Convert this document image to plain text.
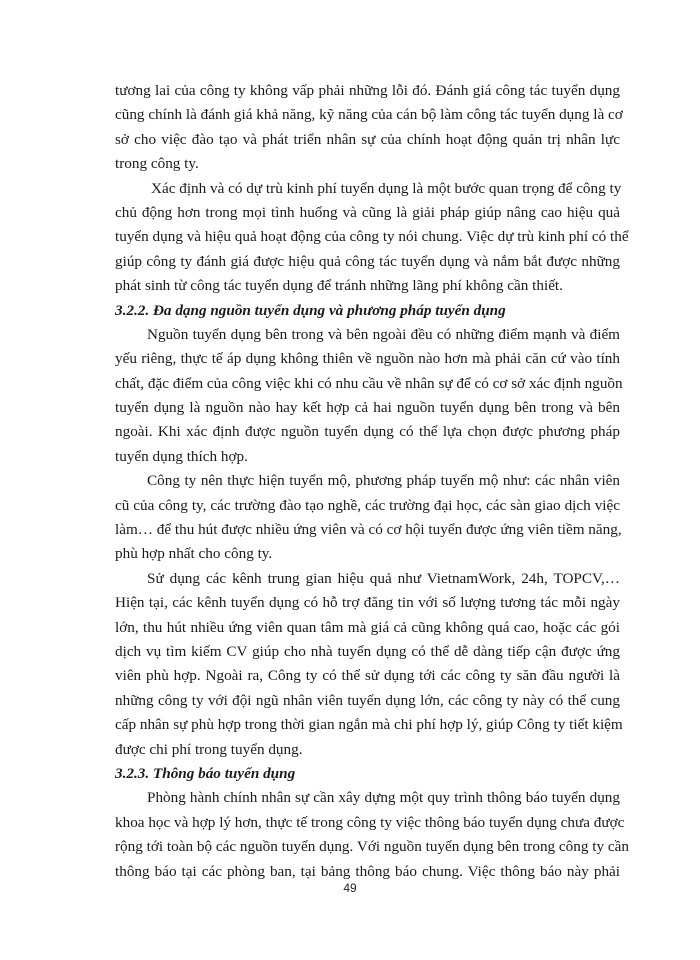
tương lai của công ty không vấp phải những lỗi đó. Đánh giá công tác tuyển dụng
cũng chính là đánh giá khả năng, kỹ năng của cán bộ làm công tác tuyển dụng là cơ
sở cho việc đào tạo và phát triển nhân sự của chính hoạt động quản trị nhân lực
trong công ty.
Xác định và có dự trù kinh phí tuyển dụng là một bước quan trọng để công ty
chủ động hơn trong mọi tình huống và cũng là giải pháp giúp nâng cao hiệu quả
tuyển dụng và hiệu quả hoạt động của công ty nói chung. Việc dự trù kinh phí có thể
giúp công ty đánh giá được hiệu quả công tác tuyển dụng và nắm bắt được những
phát sinh từ công tác tuyển dụng để tránh những lãng phí không cần thiết.
3.2.2. Đa dạng nguồn tuyển dụng và phương pháp tuyển dụng
Nguồn tuyển dụng bên trong và bên ngoài đều có những điểm mạnh và điểm
yếu riêng, thực tế áp dụng không thiên về nguồn nào hơn mà phải căn cứ vào tính
chất, đặc điểm của công việc khi có nhu cầu về nhân sự để có cơ sở xác định nguồn
tuyển dụng là nguồn nào hay kết hợp cả hai nguồn tuyển dụng bên trong và bên
ngoài. Khi xác định được nguồn tuyển dụng có thể lựa chọn được phương pháp
tuyển dụng thích hợp.
Công ty nên thực hiện tuyển mộ, phương pháp tuyển mộ như: các nhân viên
cũ của công ty, các trường đào tạo nghề, các trường đại học, các sàn giao dịch việc
làm… để thu hút được nhiều ứng viên và có cơ hội tuyển được ứng viên tiềm năng,
phù hợp nhất cho công ty.
Sử dụng các kênh trung gian hiệu quả như VietnamWork, 24h, TOPCV,…
Hiện tại, các kênh tuyển dụng có hỗ trợ đăng tin với số lượng tương tác mỗi ngày
lớn, thu hút nhiều ứng viên quan tâm mà giá cả cũng không quá cao, hoặc các gói
dịch vụ tìm kiếm CV giúp cho nhà tuyển dụng có thể dễ dàng tiếp cận được ứng
viên phù hợp. Ngoài ra, Công ty có thể sử dụng tới các công ty săn đầu người là
những công ty với đội ngũ nhân viên tuyển dụng lớn, các công ty này có thể cung
cấp nhân sự phù hợp trong thời gian ngắn mà chi phí hợp lý, giúp Công ty tiết kiệm
được chi phí trong tuyển dụng.
3.2.3. Thông báo tuyển dụng
Phòng hành chính nhân sự cần xây dựng một quy trình thông báo tuyển dụng
khoa học và hợp lý hơn, thực tế trong công ty việc thông báo tuyển dụng chưa được
rộng tới toàn bộ các nguồn tuyển dụng. Với nguồn tuyển dụng bên trong công ty cần
thông báo tại các phòng ban, tại bảng thông báo chung. Việc thông báo này phải
49
